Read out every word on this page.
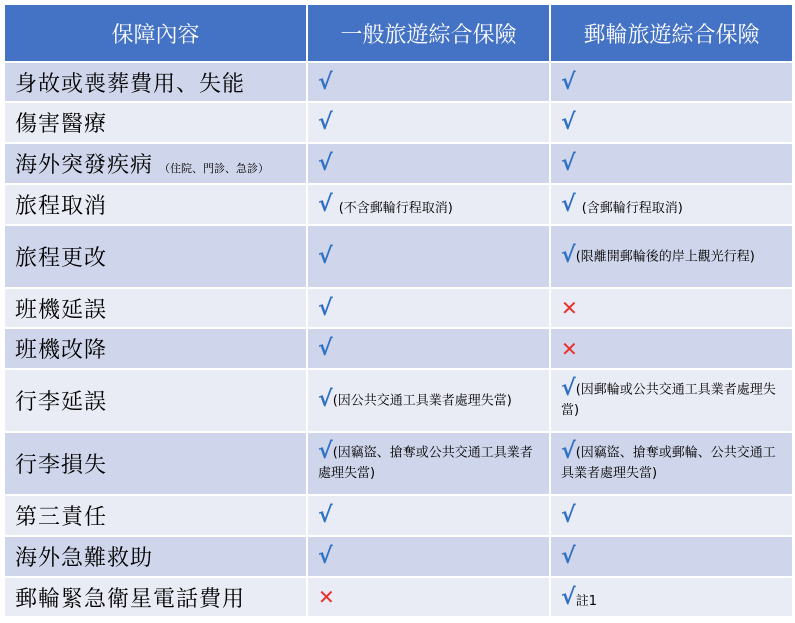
保障內容	一般旅遊綜合保險	郵輪旅遊綜合保險
身故或喪葬費用、失能	√	√
傷害醫療	√	√
海外突發疾病 （住院、門診、急診）	√	√
旅程取消	√ (不含郵輪行程取消)	√ (含郵輪行程取消)
旅程更改	√	√(限離開郵輪後的岸上觀光行程)

班機延誤	√	✕
班機改降	√	✕
行李延誤	√(因公共交通工具業者處理失當)	√(因郵輪或公共交通工具業者處理失當)

行李損失	√(因竊盜、搶奪或公共交通工具業者處理失當)	√(因竊盜、搶奪或郵輪、公共交通工具業者處理失當)

第三責任	√	√
海外急難救助	√	√
郵輪緊急衛星電話費用	✕	√註1
